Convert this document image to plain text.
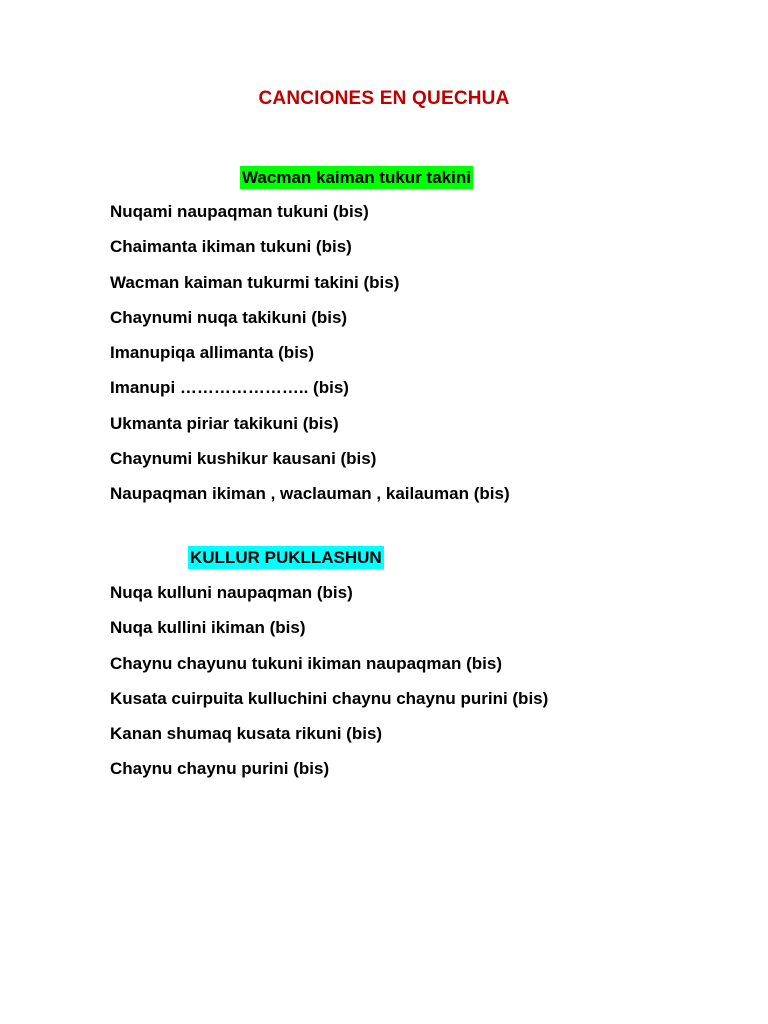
CANCIONES EN QUECHUA
Wacman kaiman tukur takini
Nuqami naupaqman tukuni (bis)
Chaimanta ikiman tukuni (bis)
Wacman kaiman tukurmi takini (bis)
Chaynumi nuqa takikuni (bis)
Imanupiqa allimanta (bis)
Imanupi ………………….. (bis)
Ukmanta piriar takikuni (bis)
Chaynumi kushikur kausani (bis)
Naupaqman ikiman , waclauman , kailauman (bis)
KULLUR PUKLLASHUN
Nuqa kulluni naupaqman (bis)
Nuqa kullini ikiman (bis)
Chaynu chayunu tukuni ikiman naupaqman (bis)
Kusata cuirpuita kulluchini chaynu chaynu purini (bis)
Kanan shumaq kusata rikuni (bis)
Chaynu chaynu purini (bis)
